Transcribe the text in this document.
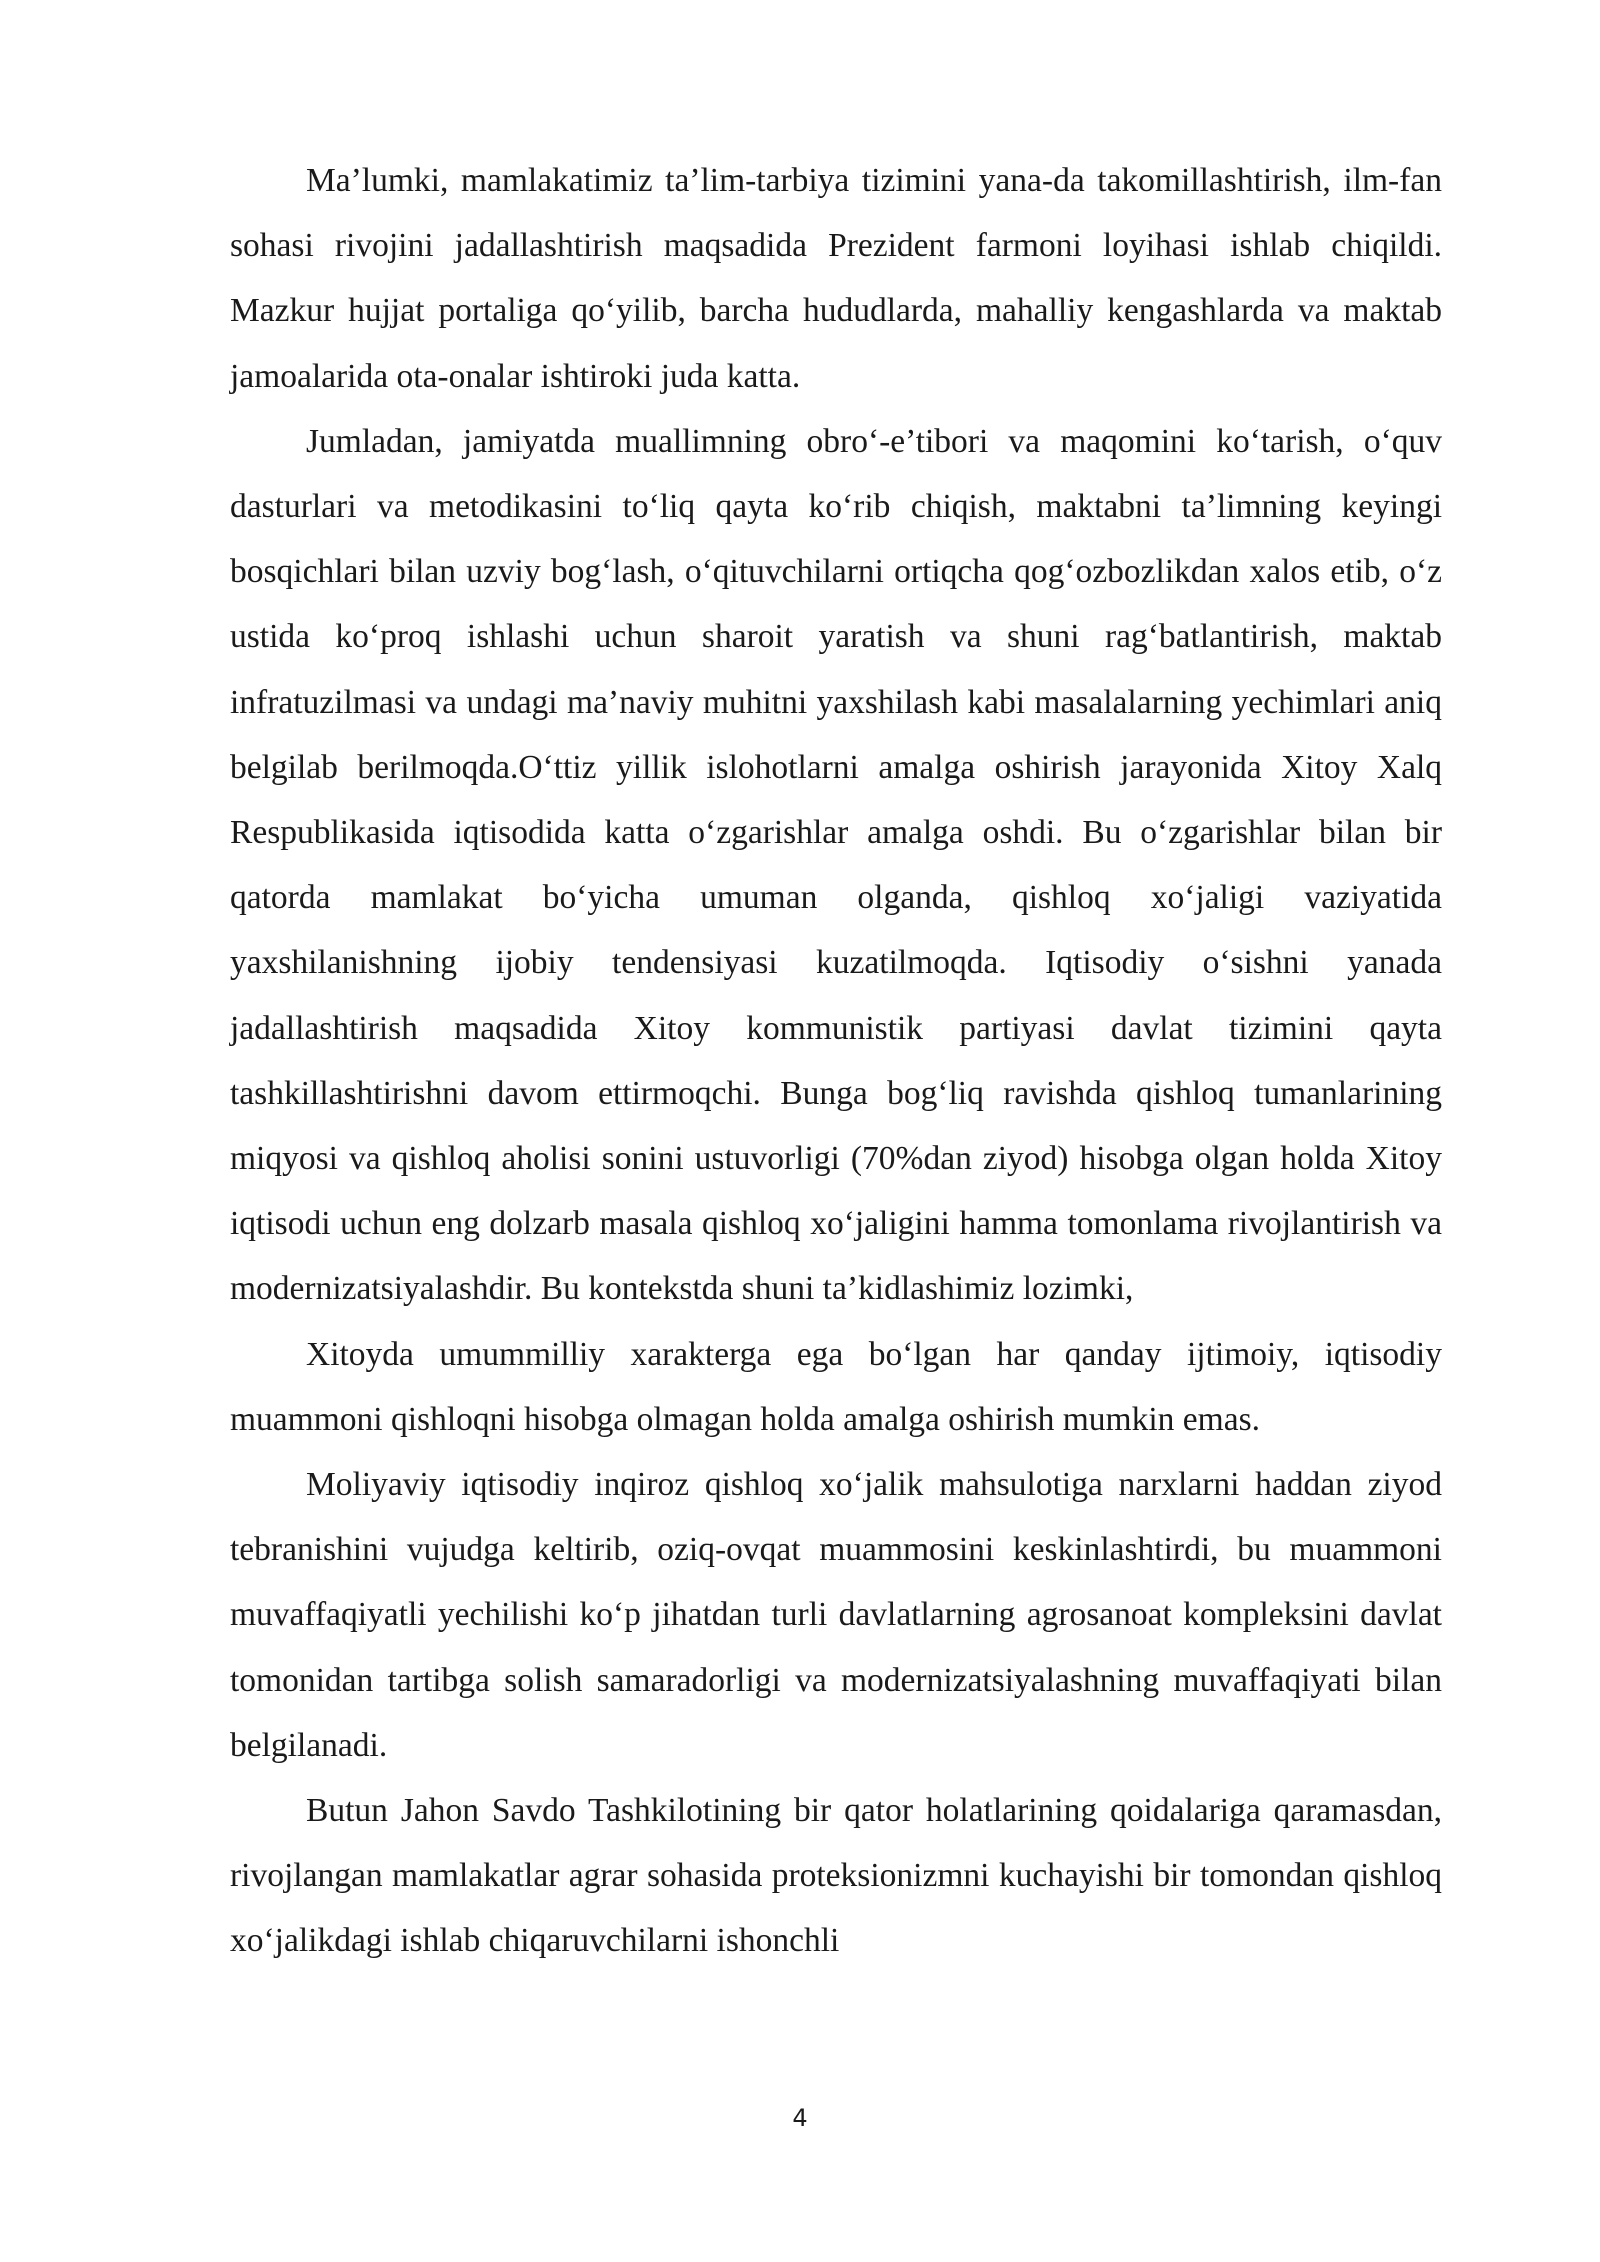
Ma’lumki, mamlakatimiz ta’lim-tarbiya tizimini yana-da takomillashtirish, ilm-fan sohasi rivojini jadallashtirish maqsadida Prezident farmoni loyihasi ishlab chiqildi. Mazkur hujjat portaliga qo‘yilib, barcha hududlarda, mahalliy kengashlarda va maktab jamoalarida ota-onalar ishtiroki juda katta.

Jumladan, jamiyatda muallimning obro‘-e’tibori va maqomini ko‘tarish, o‘quv dasturlari va metodikasini to‘liq qayta ko‘rib chiqish, maktabni ta’limning keyingi bosqichlari bilan uzviy bog‘lash, o‘qituvchilarni ortiqcha qog‘ozbozlikdan xalos etib, o‘z ustida ko‘proq ishlashi uchun sharoit yaratish va shuni rag‘batlantirish, maktab infratuzilmasi va undagi ma’naviy muhitni yaxshilash kabi masalalarning yechimlari aniq belgilab berilmoqda.O‘ttiz yillik islohotlarni amalga oshirish jarayonida Xitoy Xalq Respublikasida iqtisodida katta o‘zgarishlar amalga oshdi. Bu o‘zgarishlar bilan bir qatorda mamlakat bo‘yicha umuman olganda, qishloq xo‘jaligi vaziyatida yaxshilanishning ijobiy tendensiyasi kuzatilmoqda. Iqtisodiy o‘sishni yanada jadallashtirish maqsadida Xitoy kommunistik partiyasi davlat tizimini qayta tashkillashtirishni davom ettirmoqchi. Bunga bog‘liq ravishda qishloq tumanlarining miqyosi va qishloq aholisi sonini ustuvorligi (70%dan ziyod) hisobga olgan holda Xitoy iqtisodi uchun eng dolzarb masala qishloq xo‘jaligini hamma tomonlama rivojlantirish va modernizatsiyalashdir. Bu kontekstda shuni ta’kidlashimiz lozimki,

Xitoyda umummilliy xarakterga ega bo‘lgan har qanday ijtimoiy, iqtisodiy muammoni qishloqni hisobga olmagan holda amalga oshirish mumkin emas.

Moliyaviy iqtisodiy inqiroz qishloq xo‘jalik mahsulotiga narxlarni haddan ziyod tebranishini vujudga keltirib, oziq-ovqat muammosini keskinlashtirdi, bu muammoni muvaffaqiyatli yechilishi ko‘p jihatdan turli davlatlarning agrosanoat kompleksini davlat tomonidan tartibga solish samaradorligi va modernizatsiyalashning muvaffaqiyati bilan belgilanadi.

Butun Jahon Savdo Tashkilotining bir qator holatlarining qoidalariga qaramasdan, rivojlangan mamlakatlar agrar sohasida proteksionizmni kuchayishi bir tomondan qishloq xo‘jalikdagi ishlab chiqaruvchilarni ishonchli

4
